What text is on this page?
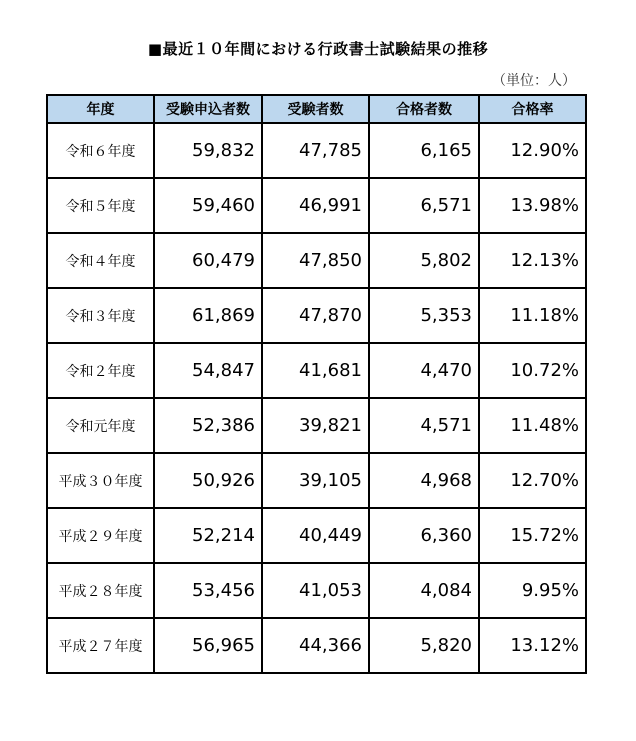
■最近１０年間における行政書士試験結果の推移
（単位：人）
年度	受験申込者数	受験者数	合格者数	合格率
令和６年度	59,832	47,785	6,165	12.90%
令和５年度	59,460	46,991	6,571	13.98%
令和４年度	60,479	47,850	5,802	12.13%
令和３年度	61,869	47,870	5,353	11.18%
令和２年度	54,847	41,681	4,470	10.72%
令和元年度	52,386	39,821	4,571	11.48%
平成３０年度	50,926	39,105	4,968	12.70%
平成２９年度	52,214	40,449	6,360	15.72%
平成２８年度	53,456	41,053	4,084	9.95%
平成２７年度	56,965	44,366	5,820	13.12%
